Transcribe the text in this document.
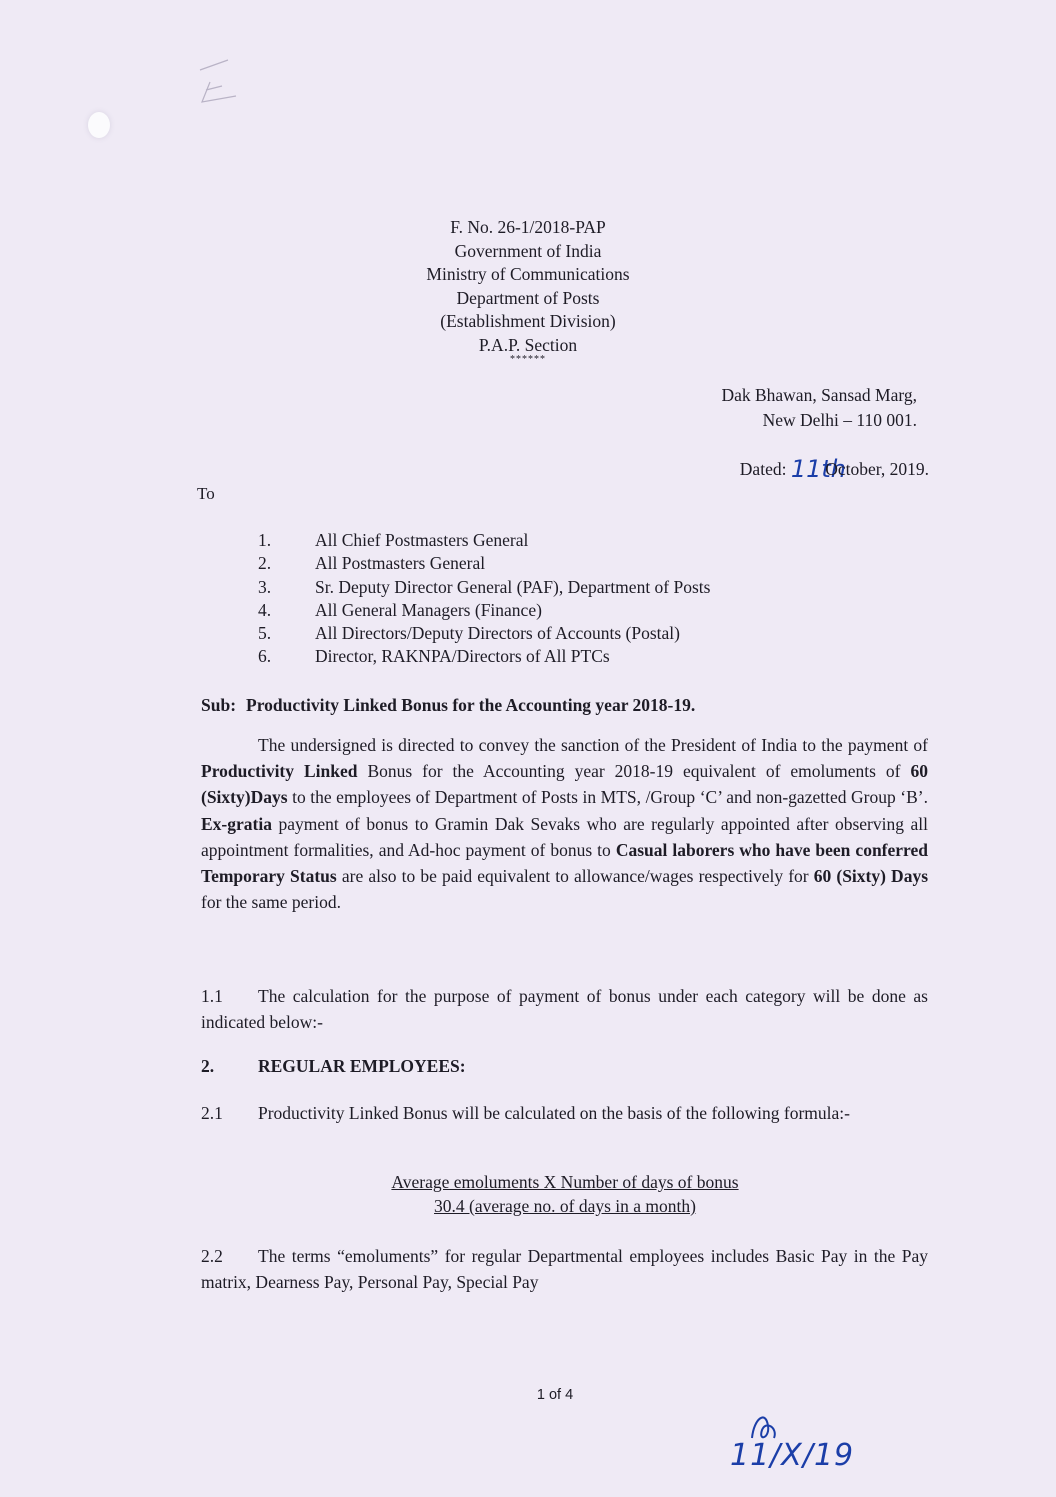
F. No. 26-1/2018-PAP
Government of India
Ministry of Communications
Department of Posts
(Establishment Division)
P.A.P. Section
******
Dak Bhawan, Sansad Marg,
New Delhi – 110 001.
Dated: 11th October, 2019.
To
1.	All Chief Postmasters General
2.	All Postmasters General
3.	Sr. Deputy Director General (PAF), Department of Posts
4.	All General Managers (Finance)
5.	All Directors/Deputy Directors of Accounts (Postal)
6.	Director, RAKNPA/Directors of All PTCs
Sub: Productivity Linked Bonus for the Accounting year 2018-19.

The undersigned is directed to convey the sanction of the President of India to the payment of Productivity Linked Bonus for the Accounting year 2018-19 equivalent of emoluments of 60 (Sixty)Days to the employees of Department of Posts in MTS, /Group ‘C’ and non-gazetted Group ‘B’. Ex-gratia payment of bonus to Gramin Dak Sevaks who are regularly appointed after observing all appointment formalities, and Ad-hoc payment of bonus to Casual laborers who have been conferred Temporary Status are also to be paid equivalent to allowance/wages respectively for 60 (Sixty) Days for the same period.

1.1 The calculation for the purpose of payment of bonus under each category will be done as indicated below:-

2.	REGULAR EMPLOYEES:

2.1 Productivity Linked Bonus will be calculated on the basis of the following formula:-

Average emoluments X Number of days of bonus
30.4 (average no. of days in a month)

2.2 The terms “emoluments” for regular Departmental employees includes Basic Pay in the Pay matrix, Dearness Pay, Personal Pay, Special Pay

1 of 4
11/X/19
